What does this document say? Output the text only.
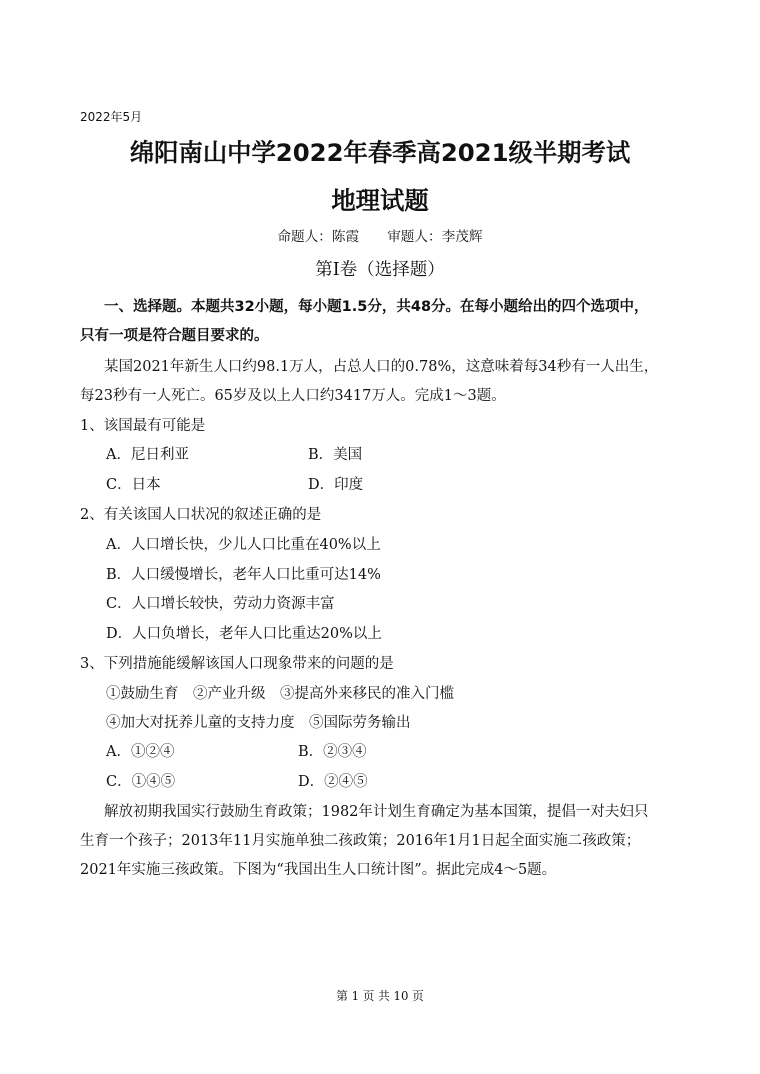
2022年5月
绵阳南山中学2022年春季高2021级半期考试
地理试题
命题人：陈霞 审题人：李茂辉
第Ⅰ卷（选择题）
一、选择题。本题共32小题，每小题1.5分，共48分。在每小题给出的四个选项中，
只有一项是符合题目要求的。
某国2021年新生人口约98.1万人，占总人口的0.78%，这意味着每34秒有一人出生，
每23秒有一人死亡。65岁及以上人口约3417万人。完成1～3题。
1、该国最有可能是
A．尼日利亚	B．美国
C．日本	D．印度
2、有关该国人口状况的叙述正确的是
A．人口增长快，少儿人口比重在40%以上
B．人口缓慢增长，老年人口比重可达14%
C．人口增长较快，劳动力资源丰富
D．人口负增长，老年人口比重达20%以上
3、下列措施能缓解该国人口现象带来的问题的是
①鼓励生育　②产业升级　③提高外来移民的准入门槛
④加大对抚养儿童的支持力度　⑤国际劳务输出
A．①②④	B．②③④
C．①④⑤	D．②④⑤
解放初期我国实行鼓励生育政策；1982年计划生育确定为基本国策，提倡一对夫妇只
生育一个孩子；2013年11月实施单独二孩政策；2016年1月1日起全面实施二孩政策；
2021年实施三孩政策。下图为“我国出生人口统计图”。据此完成4～5题。
第 1 页 共 10 页
